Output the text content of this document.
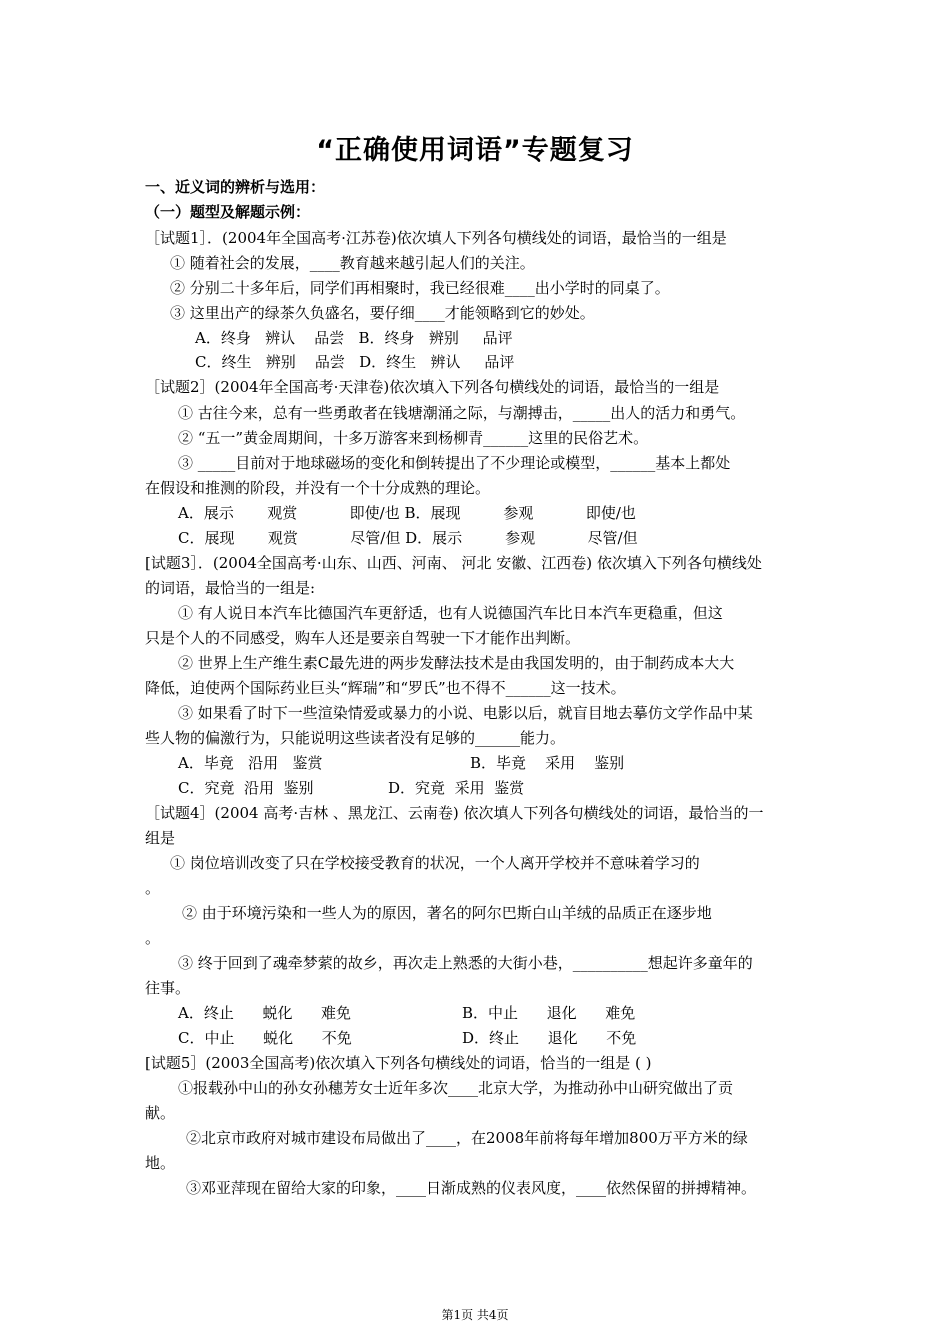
“正确使用词语”专题复习
一、近义词的辨析与选用：
（一）题型及解题示例：
［试题1］．(2004年全国高考·江苏卷)依次填人下列各句横线处的词语，最恰当的一组是
① 随着社会的发展，____教育越来越引起人们的关注。
② 分别二十多年后，同学们再相聚时，我已经很难____出小学时的同桌了。
③ 这里出产的绿茶久负盛名，要仔细____才能领略到它的妙处。
A．终身   辨认    品尝   B．终身   辨别     品评
C．终生   辨别    品尝   D．终生   辨认     品评
［试题2］(2004年全国高考·天津卷)依次填入下列各句横线处的词语，最恰当的一组是
① 古往今来，总有一些勇敢者在钱塘潮涌之际，与潮搏击，_____出人的活力和勇气。
② “五一”黄金周期间，十多万游客来到杨柳青______这里的民俗艺术。
③ _____目前对于地球磁场的变化和倒转提出了不少理论或模型，______基本上都处
在假设和推测的阶段，并没有一个十分成熟的理论。
A．展示       观赏           即使/也 B．展现         参观           即使/也
C．展现       观赏           尽管/但 D．展示         参观           尽管/但
[试题3］．(2004全国高考·山东、山西、河南、 河北 安徽、江西卷) 依次填入下列各句横线处
的词语，最恰当的一组是:
① 有人说日本汽车比德国汽车更舒适，也有人说德国汽车比日本汽车更稳重，但这
只是个人的不同感受，购车人还是要亲自驾驶一下才能作出判断。
② 世界上生产维生素C最先进的两步发酵法技术是由我国发明的，由于制药成本大大
降低，迫使两个国际药业巨头“辉瑞”和“罗氏”也不得不______这一技术。
③ 如果看了时下一些渲染情爱或暴力的小说、电影以后，就盲目地去摹仿文学作品中某
些人物的偏激行为，只能说明这些读者没有足够的______能力。
A．毕竟   沿用   鉴赏	B．毕竟    采用    鉴别
C．究竟  沿用  鉴别	D．究竟  采用  鉴赏
［试题4］(2004 高考·吉林 、黑龙江、云南卷) 依次填人下列各句横线处的词语，最恰当的一
组是
① 岗位培训改变了只在学校接受教育的状况，一个人离开学校并不意味着学习的
。
② 由于环境污染和一些人为的原因，著名的阿尔巴斯白山羊绒的品质正在逐步地
。
③ 终于回到了魂牵梦萦的故乡，再次走上熟悉的大街小巷，__________想起许多童年的
往事。
A．终止      蜕化      难免	B．中止      退化      难免
C．中止      蜕化      不免	D．终止      退化      不免
[试题5］(2003全国高考)依次填入下列各句横线处的词语，恰当的一组是 ( )
①报载孙中山的孙女孙穗芳女士近年多次____北京大学，为推动孙中山研究做出了贡
献。
②北京市政府对城市建设布局做出了____，在2008年前将每年增加800万平方米的绿
地。
③邓亚萍现在留给大家的印象，____日渐成熟的仪表风度，____依然保留的拼搏精神。
第1页 共4页
